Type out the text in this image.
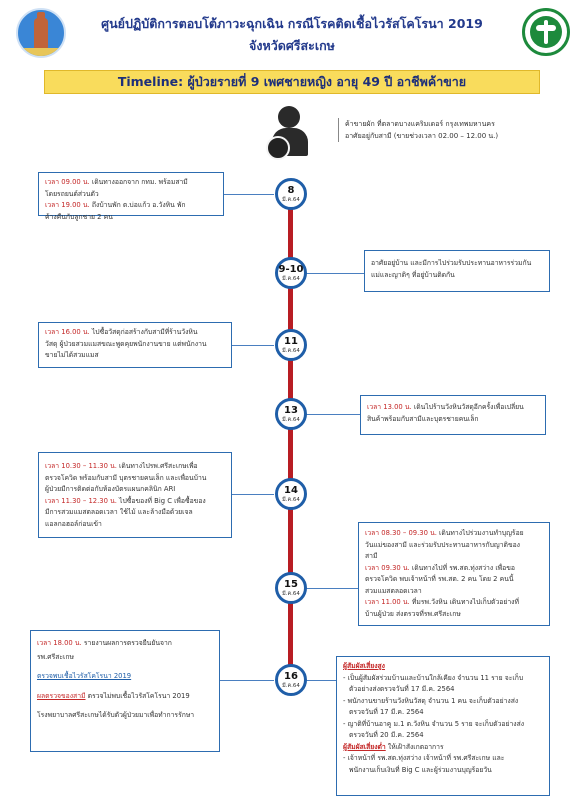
ศูนย์ปฏิบัติการตอบโต้ภาวะฉุกเฉิน กรณีโรคติดเชื้อไวรัสโคโรนา 2019
จังหวัดศรีสะเกษ
Timeline: ผู้ป่วยรายที่ 9 เพศชายหญิง อายุ 49 ปี อาชีพค้าขาย
ค้าขายผัก ที่ตลาดบางแคริมเดอร์ กรุงเทพมหานคร
อาศัยอยู่กับสามี (ขายช่วงเวลา 02.00 – 12.00 น.)
8
มี.ค.64
9-10
มี.ค.64
11
มี.ค.64
13
มี.ค.64
14
มี.ค.64
15
มี.ค.64
16
มี.ค.64
เวลา 09.00 น. เดินทางออกจาก กทม. พร้อมสามี
โดยรถยนต์ส่วนตัว
เวลา 19.00 น. ถึงบ้านพัก ต.บ่อแก้ว อ.วังหิน พัก
ค้างคืนกับลูกชาย 2 คน
อาศัยอยู่บ้าน และมีการไปร่วมรับประทานอาหารร่วมกัน
แม่และญาติๆ ที่อยู่บ้านติดกัน
เวลา 16.00 น. ไปซื้อวัสดุก่อสร้างกับสามีที่ร้านวังหิน
วัสดุ ผู้ป่วยสวมแมสขณะพูดคุยพนักงานขาย แต่พนักงาน
ขายไม่ได้สวมแมส
เวลา 13.00 น. เดินไปร้านวังหินวัสดุอีกครั้งเพื่อเปลี่ยน
สินค้าพร้อมกับสามีและบุตรชายคนเล็ก
เวลา 10.30 – 11.30 น. เดินทางไปรพ.ศรีสะเกษเพื่อ
ตรวจโควิด พร้อมกับสามี บุตรชายคนเล็ก และเพื่อนบ้าน
ผู้ป่วยมีการติดต่อกับห้องบัตรแผนกคลินิก ARI
เวลา 11.30 – 12.30 น. ไปซื้อของที่ Big C เพื่อซื้อของ
มีการสวมแมสตลอดเวลา ใช้ไม้ และล้างมือด้วยเจล
แอลกอฮอล์ก่อนเข้า
เวลา 08.30 – 09.30 น. เดินทางไปร่วมงานทำบุญร้อย
วันแม่ของสามี และร่วมรับประทานอาหารกับญาติของ
สามี
เวลา 09.30 น. เดินทางไปที่ รพ.สต.ทุ่งสว่าง เพื่อขอ
ตรวจโควิด พบเจ้าหน้าที่ รพ.สต. 2 คน โดย 2 คนนี้
สวมแมสตลอดเวลา
เวลา 11.00 น. ที่มรพ.วังหิน เดินทางไปเก็บตัวอย่างที่
บ้านผู้ป่วย ส่งตรวจที่รพ.ศรีสะเกษ
เวลา 18.00 น. รายงานผลการตรวจยืนยันจาก
รพ.ศรีสะเกษ
ตรวจพบเชื้อไวรัสโคโรนา 2019
ผลตรวจของสามี ตรวจไม่พบเชื้อไวรัสโคโรนา 2019
โรงพยาบาลศรีสะเกษได้รับตัวผู้ป่วยมาเพื่อทำการรักษา
ผู้สัมผัสเสี่ยงสูง
- เป็นผู้สัมผัสร่วมบ้านและบ้านใกล้เคียง จำนวน 11 ราย จะเก็บ
ตัวอย่างส่งตรวจวันที่ 17 มี.ค. 2564
- พนักงานขายร้านวังหินวัสดุ จำนวน 1 คน จะเก็บตัวอย่างส่ง
ตรวจวันที่ 17 มี.ค. 2564
- ญาติที่บ้านอาคู ม.1 ต.วังหิน จำนวน 5 ราย จะเก็บตัวอย่างส่ง
ตรวจวันที่ 20 มี.ค. 2564
ผู้สัมผัสเสี่ยงต่ำ ให้เฝ้าสังเกตอาการ
- เจ้าหน้าที่ รพ.สต.ทุ่งสว่าง เจ้าหน้าที่ รพ.ศรีสะเกษ และ
พนักงานเก็บเงินที่ Big C และผู้ร่วมงานบุญร้อยวัน
